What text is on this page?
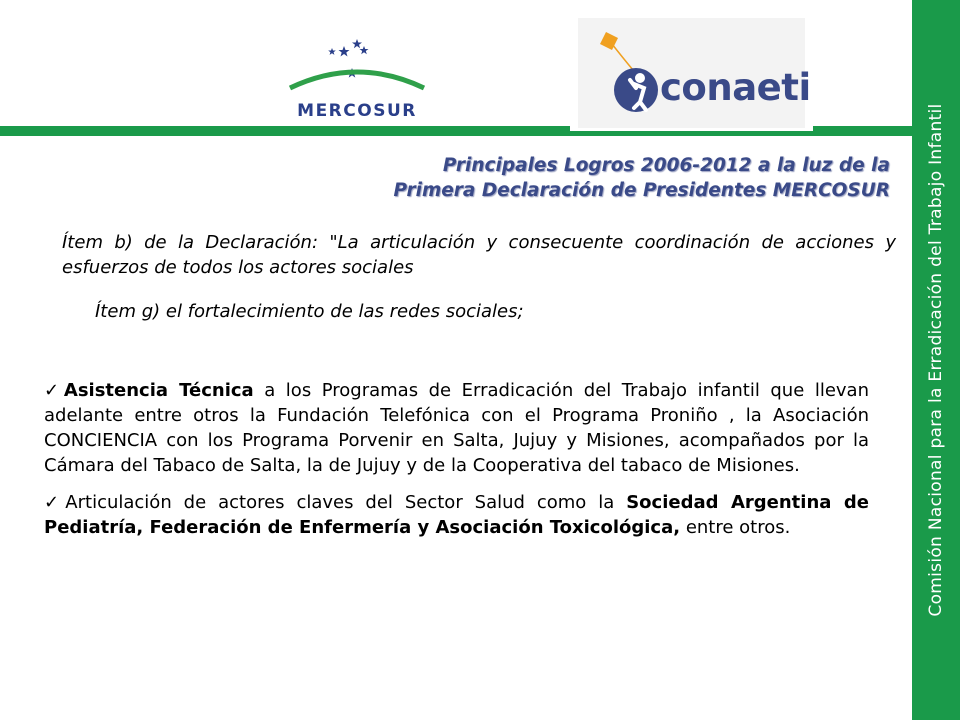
Comisión Nacional para la Erradicación del Trabajo Infantil
MERCOSUR
conaeti
Principales Logros 2006-2012 a la luz de la
Primera Declaración de Presidentes MERCOSUR
Ítem b) de la Declaración: "La articulación y consecuente coordinación de acciones y esfuerzos de todos los actores sociales
Ítem g) el fortalecimiento de las redes sociales;
✓Asistencia Técnica a los Programas de Erradicación del Trabajo infantil que llevan adelante entre otros la Fundación Telefónica con el Programa Proniño , la Asociación CONCIENCIA con los Programa Porvenir en Salta, Jujuy y Misiones, acompañados por la Cámara del Tabaco de Salta, la de Jujuy y de la Cooperativa del tabaco de Misiones.
✓Articulación de actores claves del Sector Salud como la Sociedad Argentina de Pediatría, Federación de Enfermería y Asociación Toxicológica, entre otros.
